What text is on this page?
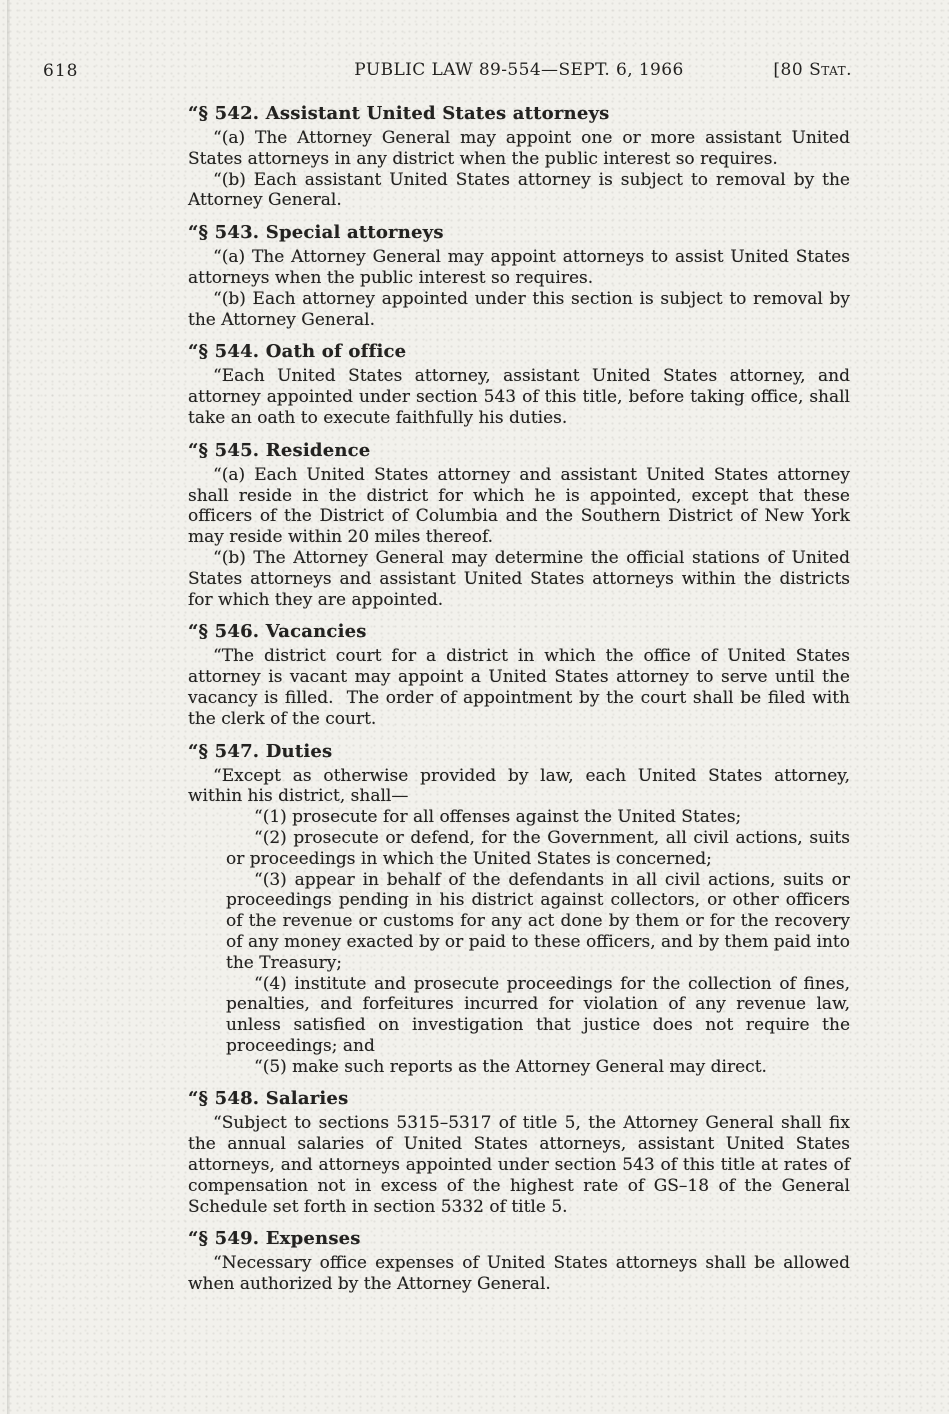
618	PUBLIC LAW 89-554—SEPT. 6, 1966	[80 Stat.
“§ 542. Assistant United States attorneys

“(a) The Attorney General may appoint one or more assistant United States attorneys in any district when the public interest so requires.

“(b) Each assistant United States attorney is subject to removal by the Attorney General.

“§ 543. Special attorneys

“(a) The Attorney General may appoint attorneys to assist United States attorneys when the public interest so requires.

“(b) Each attorney appointed under this section is subject to removal by the Attorney General.

“§ 544. Oath of office

“Each United States attorney, assistant United States attorney, and attorney appointed under section 543 of this title, before taking office, shall take an oath to execute faithfully his duties.

“§ 545. Residence

“(a) Each United States attorney and assistant United States attorney shall reside in the district for which he is appointed, except that these officers of the District of Columbia and the Southern District of New York may reside within 20 miles thereof.

“(b) The Attorney General may determine the official stations of United States attorneys and assistant United States attorneys within the districts for which they are appointed.

“§ 546. Vacancies

“The district court for a district in which the office of United States attorney is vacant may appoint a United States attorney to serve until the vacancy is filled.  The order of appointment by the court shall be filed with the clerk of the court.

“§ 547. Duties

“Except as otherwise provided by law, each United States attorney, within his district, shall—

“(1) prosecute for all offenses against the United States;

“(2) prosecute or defend, for the Government, all civil actions, suits or proceedings in which the United States is concerned;

“(3) appear in behalf of the defendants in all civil actions, suits or proceedings pending in his district against collectors, or other officers of the revenue or customs for any act done by them or for the recovery of any money exacted by or paid to these officers, and by them paid into the Treasury;

“(4) institute and prosecute proceedings for the collection of fines, penalties, and forfeitures incurred for violation of any revenue law, unless satisfied on investigation that justice does not require the proceedings; and

“(5) make such reports as the Attorney General may direct.

“§ 548. Salaries

“Subject to sections 5315–5317 of title 5, the Attorney General shall fix the annual salaries of United States attorneys, assistant United States attorneys, and attorneys appointed under section 543 of this title at rates of compensation not in excess of the highest rate of GS–18 of the General Schedule set forth in section 5332 of title 5.

“§ 549. Expenses

“Necessary office expenses of United States attorneys shall be allowed when authorized by the Attorney General.
